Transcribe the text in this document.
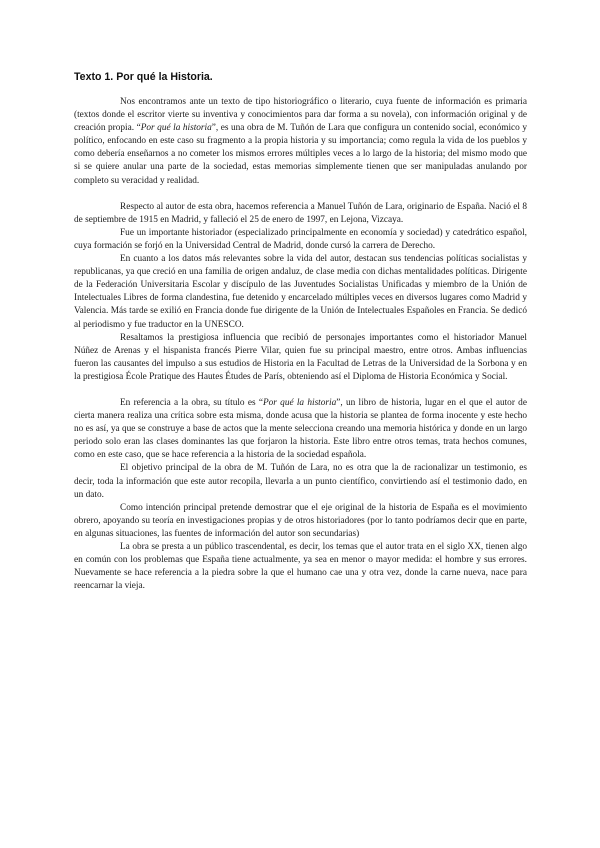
Texto 1. Por qué la Historia.

Nos encontramos ante un texto de tipo historiográfico o literario, cuya fuente de información es primaria (textos donde el escritor vierte su inventiva y conocimientos para dar forma a su novela), con información original y de creación propia. “Por qué la historia”, es una obra de M. Tuñón de Lara que configura un contenido social, económico y político, enfocando en este caso su fragmento a la propia historia y su importancia; como regula la vida de los pueblos y como debería enseñarnos a no cometer los mismos errores múltiples veces a lo largo de la historia; del mismo modo que si se quiere anular una parte de la sociedad, estas memorias simplemente tienen que ser manipuladas anulando por completo su veracidad y realidad.

Respecto al autor de esta obra, hacemos referencia a Manuel Tuñón de Lara, originario de España. Nació el 8 de septiembre de 1915 en Madrid, y falleció el 25 de enero de 1997, en Lejona, Vizcaya.

Fue un importante historiador (especializado principalmente en economía y sociedad) y catedrático español, cuya formación se forjó en la Universidad Central de Madrid, donde cursó la carrera de Derecho.

En cuanto a los datos más relevantes sobre la vida del autor, destacan sus tendencias políticas socialistas y republicanas, ya que creció en una familia de origen andaluz, de clase media con dichas mentalidades políticas. Dirigente de la Federación Universitaria Escolar y discípulo de las Juventudes Socialistas Unificadas y miembro de la Unión de Intelectuales Libres de forma clandestina, fue detenido y encarcelado múltiples veces en diversos lugares como Madrid y Valencia. Más tarde se exilió en Francia donde fue dirigente de la Unión de Intelectuales Españoles en Francia. Se dedicó al periodismo y fue traductor en la UNESCO.

Resaltamos la prestigiosa influencia que recibió de personajes importantes como el historiador Manuel Núñez de Arenas y el hispanista francés Pierre Vilar, quien fue su principal maestro, entre otros. Ambas influencias fueron las causantes del impulso a sus estudios de Historia en la Facultad de Letras de la Universidad de la Sorbona y en la prestigiosa École Pratique des Hautes Études de París, obteniendo así el Diploma de Historia Económica y Social.

En referencia a la obra, su título es “Por qué la historia”, un libro de historia, lugar en el que el autor de cierta manera realiza una crítica sobre esta misma, donde acusa que la historia se plantea de forma inocente y este hecho no es así, ya que se construye a base de actos que la mente selecciona creando una memoria histórica y donde en un largo periodo solo eran las clases dominantes las que forjaron la historia. Este libro entre otros temas, trata hechos comunes, como en este caso, que se hace referencia a la historia de la sociedad española.

El objetivo principal de la obra de M. Tuñón de Lara, no es otra que la de racionalizar un testimonio, es decir, toda la información que este autor recopila, llevarla a un punto científico, convirtiendo así el testimonio dado, en un dato.

Como intención principal pretende demostrar que el eje original de la historia de España es el movimiento obrero, apoyando su teoría en investigaciones propias y de otros historiadores (por lo tanto podríamos decir que en parte, en algunas situaciones, las fuentes de información del autor son secundarias)

La obra se presta a un público trascendental, es decir, los temas que el autor trata en el siglo XX, tienen algo en común con los problemas que España tiene actualmente, ya sea en menor o mayor medida: el hombre y sus errores. Nuevamente se hace referencia a la piedra sobre la que el humano cae una y otra vez, donde la carne nueva, nace para reencarnar la vieja.
